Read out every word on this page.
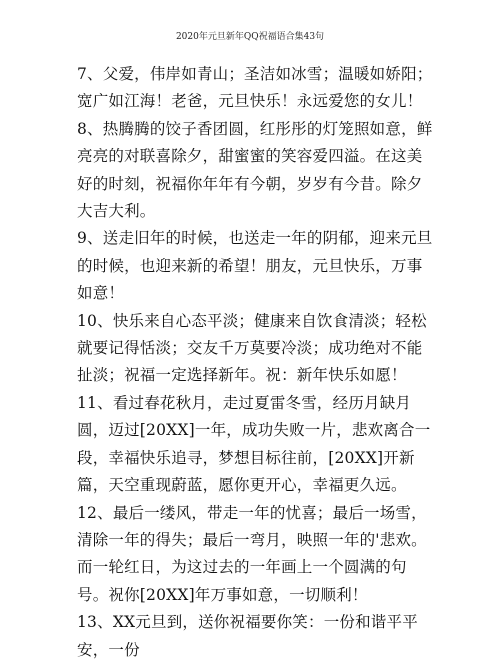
2020年元旦新年QQ祝福语合集43句

7、父爱，伟岸如青山；圣洁如冰雪；温暖如娇阳；宽广如江海！老爸，元旦快乐！永远爱您的女儿！

8、热腾腾的饺子香团圆，红彤彤的灯笼照如意，鲜亮亮的对联喜除夕，甜蜜蜜的笑容爱四溢。在这美好的时刻，祝福你年年有今朝，岁岁有今昔。除夕大吉大利。

9、送走旧年的时候，也送走一年的阴郁，迎来元旦的时候，也迎来新的希望！朋友，元旦快乐，万事如意！

10、快乐来自心态平淡；健康来自饮食清淡；轻松就要记得恬淡；交友千万莫要冷淡；成功绝对不能扯淡；祝福一定选择新年。祝：新年快乐如愿！

11、看过春花秋月，走过夏雷冬雪，经历月缺月圆，迈过[20XX]一年，成功失败一片，悲欢离合一段，幸福快乐追寻，梦想目标往前，[20XX]开新篇，天空重现蔚蓝，愿你更开心，幸福更久远。

12、最后一缕风，带走一年的忧喜；最后一场雪，清除一年的得失；最后一弯月，映照一年的'悲欢。而一轮红日，为这过去的一年画上一个圆满的句号。祝你[20XX]年万事如意，一切顺利！

13、XX元旦到，送你祝福要你笑：一份和谐平平安，一份
